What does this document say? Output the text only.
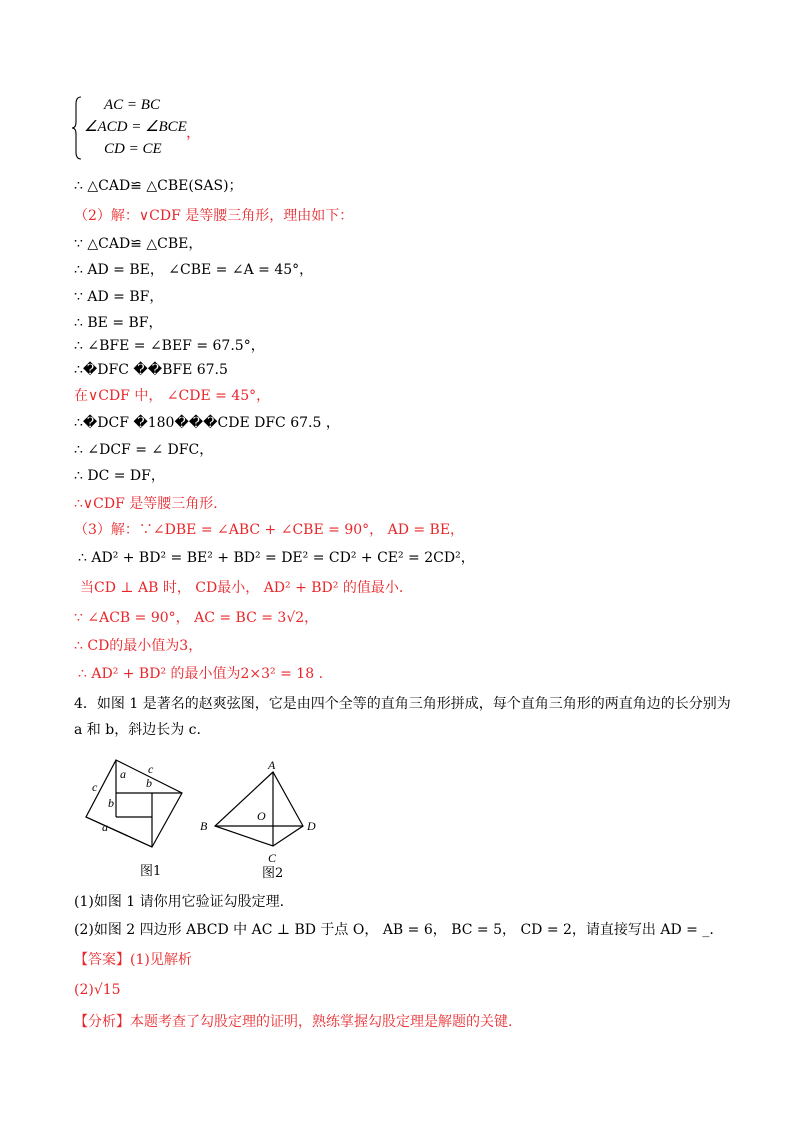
AC = BC
∠ACD = ∠BCE ，
CD = CE
∴ △CAD≌ △CBE(SAS)；
（2）解：∨CDF 是等腰三角形，理由如下：
∵ △CAD≌ △CBE，
∴ AD = BE， ∠CBE = ∠A = 45°，
∵ AD = BF，
∴ BE = BF，
∴ ∠BFE = ∠BEF = 67.5°，
∴�DFC ��BFE 67.5
在∨CDF 中， ∠CDE = 45°，
∴�DCF �180���CDE DFC 67.5 ，
∴ ∠DCF = ∠ DFC，
∴ DC = DF，
∴∨CDF 是等腰三角形.
（3）解：∵∠DBE = ∠ABC + ∠CBE = 90°， AD = BE，
∴ AD² + BD² = BE² + BD² = DE² = CD² + CE² = 2CD²，
当CD ⊥ AB 时， CD最小， AD² + BD² 的值最小.
∵ ∠ACB = 90°， AC = BC = 3√2，
∴ CD的最小值为3，
∴ AD² + BD² 的最小值为2×3² = 18 .
4．如图 1 是著名的赵爽弦图，它是由四个全等的直角三角形拼成，每个直角三角形的两直角边的长分别为
a 和 b，斜边长为 c.
a c
c	b
b
a
图1
A
B
O
D
C
图2
(1)如图 1 请你用它验证勾股定理.
(2)如图 2 四边形 ABCD 中 AC ⊥ BD 于点 O， AB = 6， BC = 5， CD = 2，请直接写出 AD = _.
【答案】(1)见解析
(2)√15
【分析】本题考查了勾股定理的证明，熟练掌握勾股定理是解题的关键.
